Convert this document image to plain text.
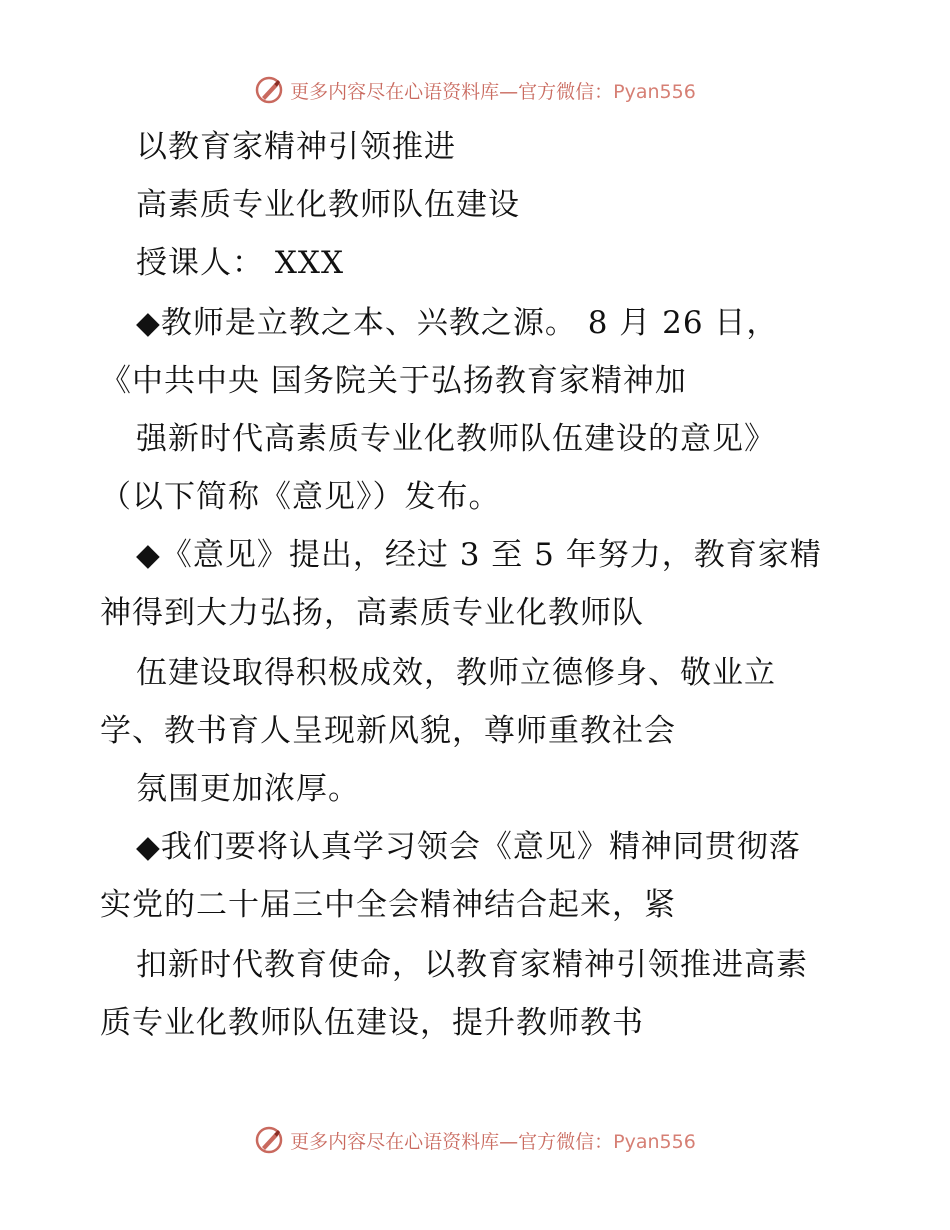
更多内容尽在心语资料库—官方微信：Pyan556
以教育家精神引领推进
高素质专业化教师队伍建设
授课人： XXX
◆教师是立教之本、兴教之源。 8 月 26 日，
《中共中央 国务院关于弘扬教育家精神加
强新时代高素质专业化教师队伍建设的意见》
（以下简称《意见》）发布。
◆《意见》提出，经过 3 至 5 年努力，教育家精
神得到大力弘扬，高素质专业化教师队
伍建设取得积极成效，教师立德修身、敬业立
学、教书育人呈现新风貌，尊师重教社会
氛围更加浓厚。
◆我们要将认真学习领会《意见》精神同贯彻落
实党的二十届三中全会精神结合起来，紧
扣新时代教育使命，以教育家精神引领推进高素
质专业化教师队伍建设，提升教师教书
更多内容尽在心语资料库—官方微信：Pyan556
